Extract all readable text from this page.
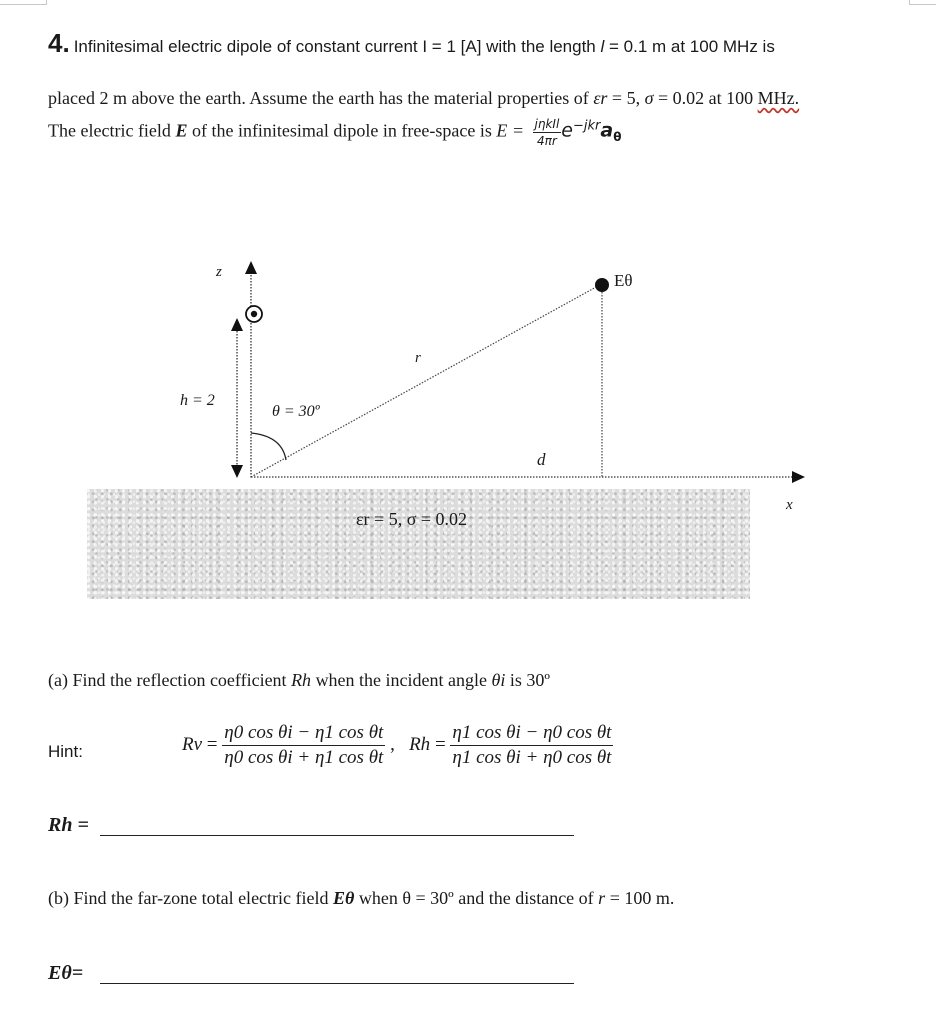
4. Infinitesimal electric dipole of constant current I = 1 [A] with the length l = 0.1 m at 100 MHz is
placed 2 m above the earth. Assume the earth has the material properties of εr = 5, σ = 0.02 at 100 MHz.
The electric field E of the infinitesimal dipole in free-space is $E = \frac{\text{jηkIl}}{4\pi r} e^{-jkr}a_\theta$
z
h = 2
θ = 30º
r
d
x
Eθ
εr = 5, σ = 0.02
(a) Find the reflection coefficient Rh when the incident angle θi is 30º
Hint:	$Rv = \frac{\text{η0 cos θi − η1 cos θt}}{\text{η0 cos θi + η1 cos θt}}$ ,   $Rh = \frac{\text{η1 cos θi − η0 cos θt}}{\text{η1 cos θi + η0 cos θt}}$
Rh =
(b) Find the far-zone total electric field Eθ when θ = 30º and the distance of r = 100 m.
Eθ=
